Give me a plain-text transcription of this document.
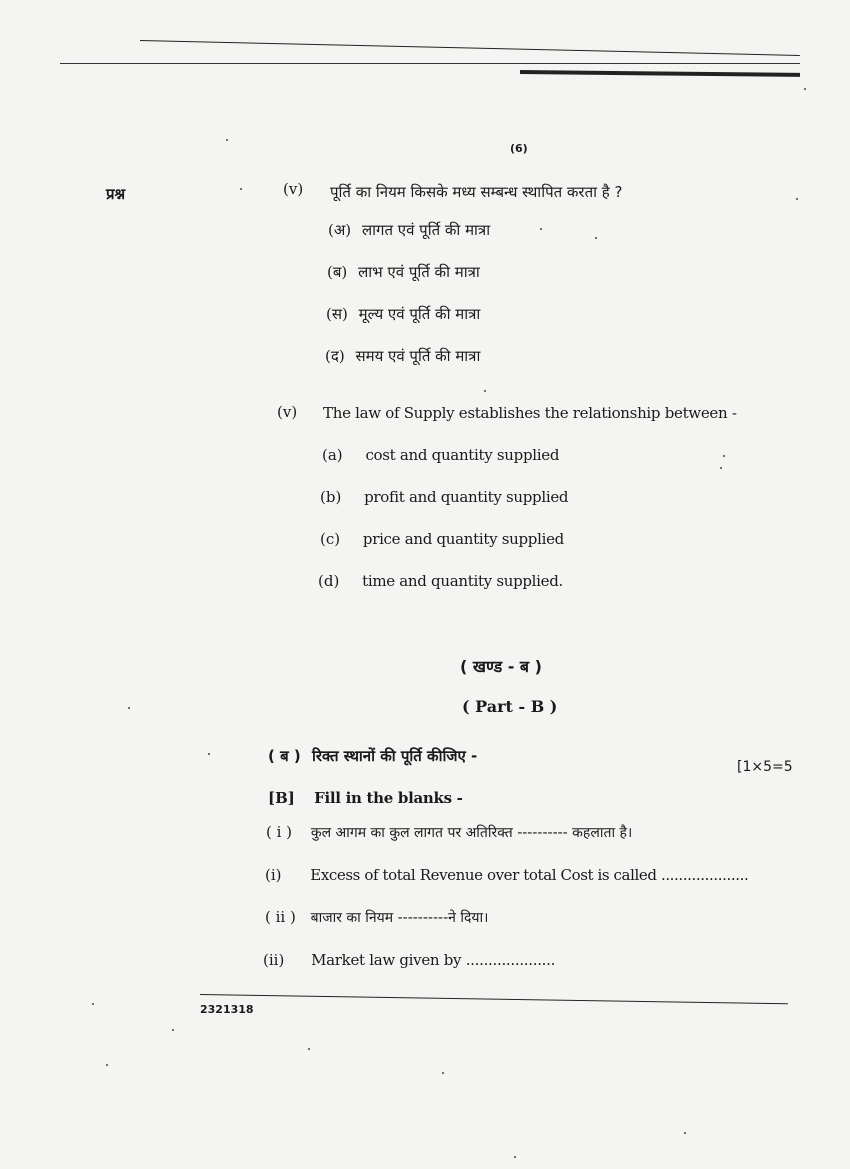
(6)
प्रश्न	(v) पूर्ति का नियम किसके मध्य सम्बन्ध स्थापित करता है ?
(अ) लागत एवं पूर्ति की मात्रा
(ब) लाभ एवं पूर्ति की मात्रा
(स) मूल्य एवं पूर्ति की मात्रा
(द) समय एवं पूर्ति की मात्रा
(v) The law of Supply establishes the relationship between -
(a) cost and quantity supplied
(b) profit and quantity supplied
(c) price and quantity supplied
(d) time and quantity supplied.
( खण्ड - ब )
( Part - B )
( ब ) रिक्त स्थानों की पूर्ति कीजिए -
[1×5=5
[B] Fill in the blanks -
( i ) कुल आगम का कुल लागत पर अतिरिक्त ---------- कहलाता है।
(i) Excess of total Revenue over total Cost is called ....................
( ii ) बाजार का नियम ----------ने दिया।
(ii) Market law given by ....................
2321318
